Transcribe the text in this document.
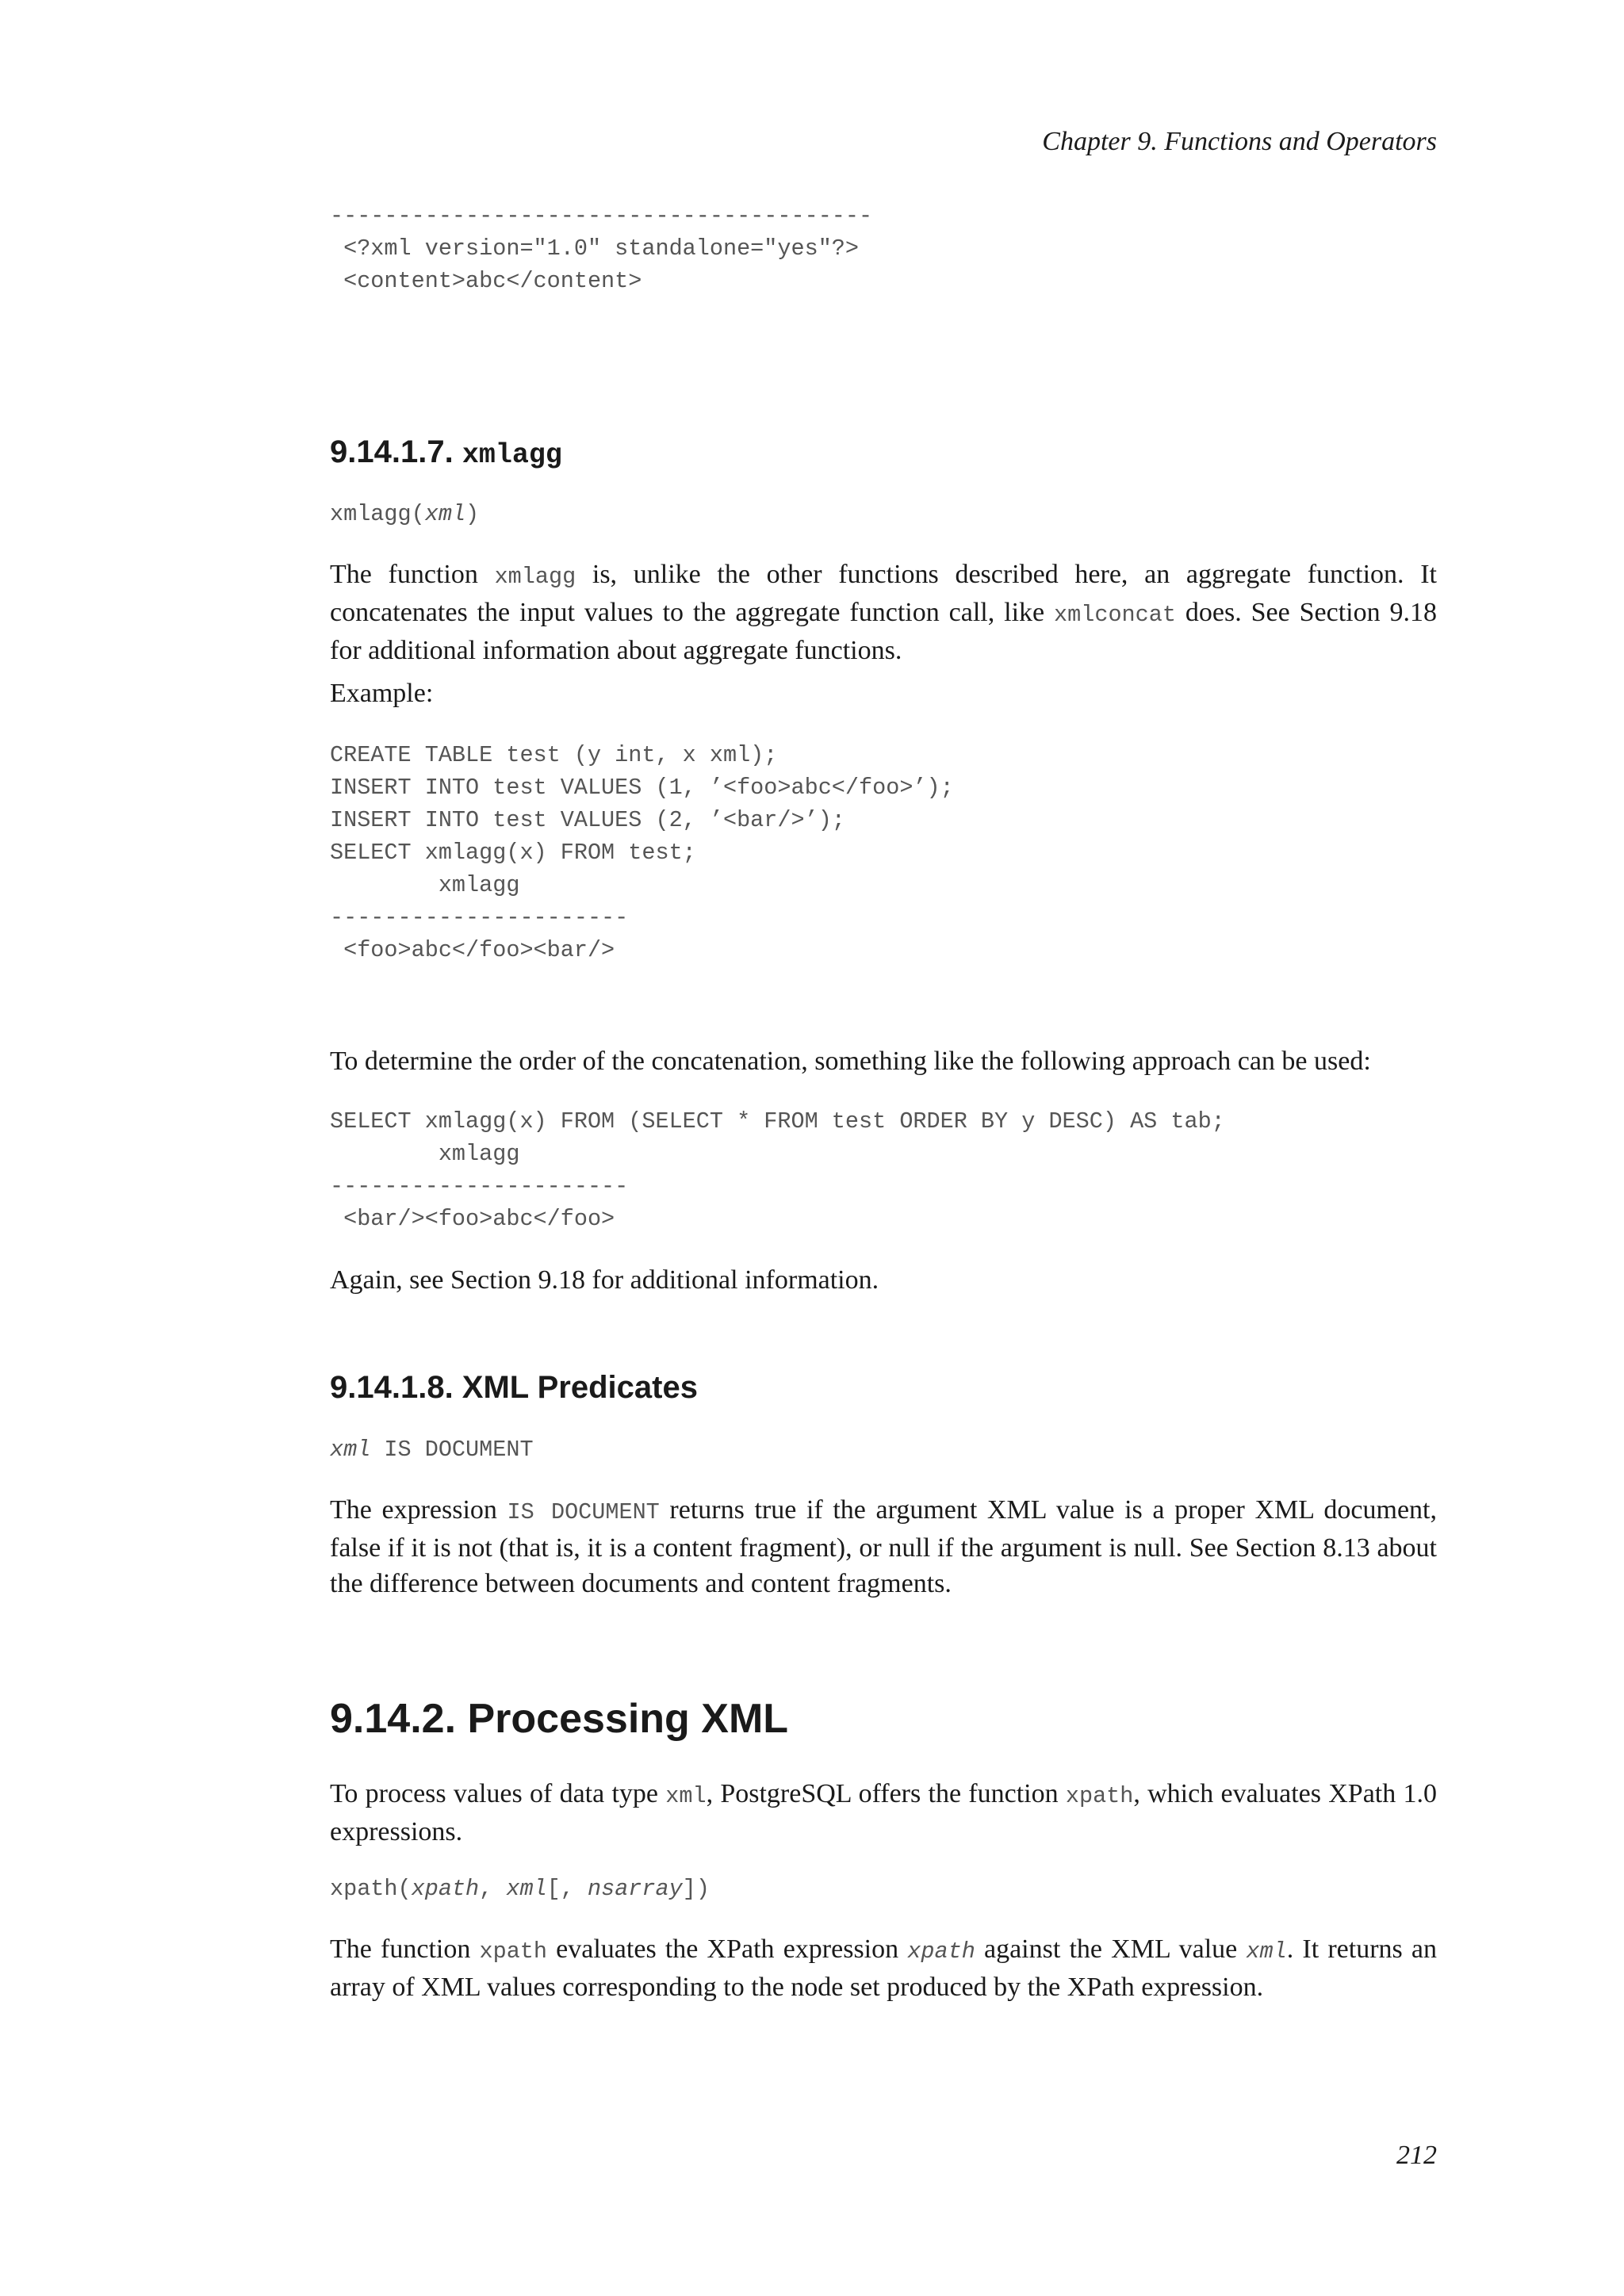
Chapter 9. Functions and Operators
----------------------------------------
<?xml version="1.0" standalone="yes"?>
<content>abc</content>
9.14.1.7. xmlagg
xmlagg(xml)

The function xmlagg is, unlike the other functions described here, an aggregate function. It concatenates the input values to the aggregate function call, like xmlconcat does. See Section 9.18 for additional information about aggregate functions.

Example:

CREATE TABLE test (y int, x xml);
INSERT INTO test VALUES (1, ’<foo>abc</foo>’);
INSERT INTO test VALUES (2, ’<bar/>’);
SELECT xmlagg(x) FROM test;
xmlagg
----------------------
<foo>abc</foo><bar/>

To determine the order of the concatenation, something like the following approach can be used:

SELECT xmlagg(x) FROM (SELECT * FROM test ORDER BY y DESC) AS tab;
xmlagg
----------------------
<bar/><foo>abc</foo>

Again, see Section 9.18 for additional information.

9.14.1.8. XML Predicates
xml IS DOCUMENT

The expression IS DOCUMENT returns true if the argument XML value is a proper XML document, false if it is not (that is, it is a content fragment), or null if the argument is null. See Section 8.13 about the difference between documents and content fragments.

9.14.2. Processing XML

To process values of data type xml, PostgreSQL offers the function xpath, which evaluates XPath 1.0 expressions.

xpath(xpath, xml[, nsarray])

The function xpath evaluates the XPath expression xpath against the XML value xml. It returns an array of XML values corresponding to the node set produced by the XPath expression.

212
